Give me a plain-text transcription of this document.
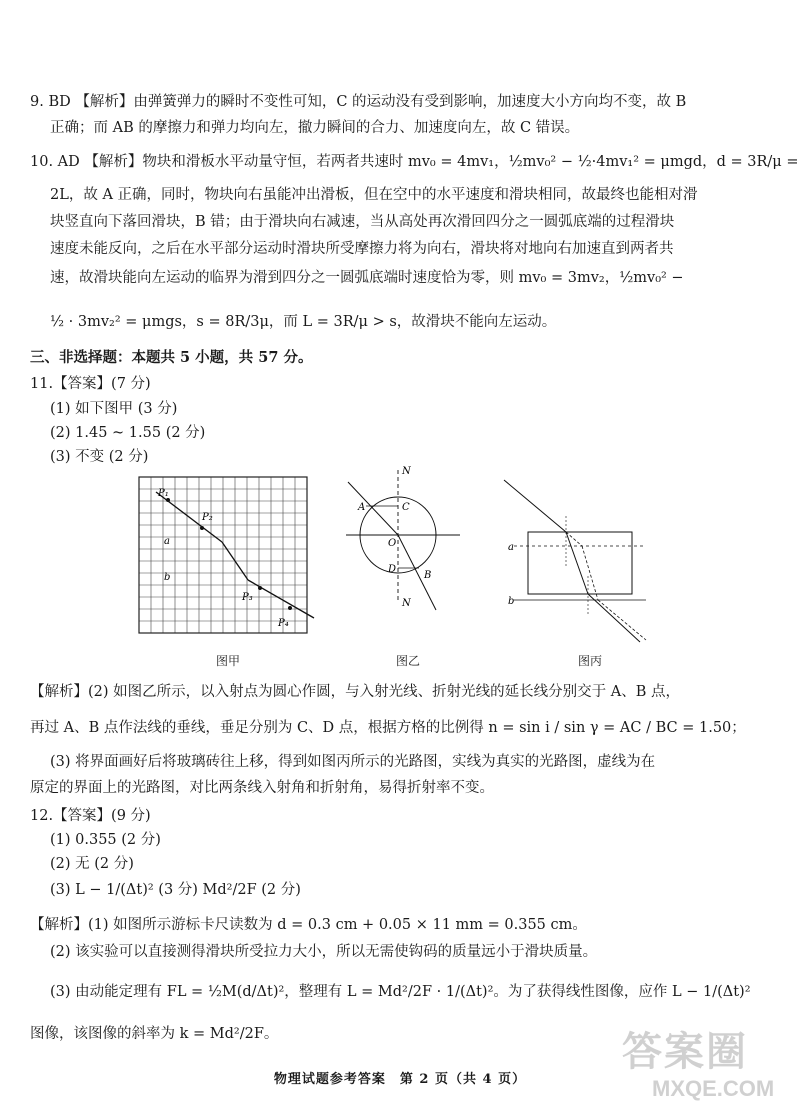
9. BD 【解析】由弹簧弹力的瞬时不变性可知，C 的运动没有受到影响，加速度大小方向均不变，故 B
正确；而 AB 的摩擦力和弹力均向左，撤力瞬间的合力、加速度向左，故 C 错误。
10. AD 【解析】物块和滑板水平动量守恒，若两者共速时 mv₀ = 4mv₁，½mv₀² − ½·4mv₁² = μmgd，d = 3R/μ =
2L，故 A 正确，同时，物块向右虽能冲出滑板，但在空中的水平速度和滑块相同，故最终也能相对滑
块竖直向下落回滑块，B 错；由于滑块向右减速，当从高处再次滑回四分之一圆弧底端的过程滑块
速度未能反向，之后在水平部分运动时滑块所受摩擦力将为向右，滑块将对地向右加速直到两者共
速，故滑块能向左运动的临界为滑到四分之一圆弧底端时速度恰为零，则 mv₀ = 3mv₂，½mv₀² −
½ · 3mv₂² = μmgs，s = 8R/3μ，而 L = 3R/μ > s，故滑块不能向左运动。
三、非选择题：本题共 5 小题，共 57 分。
11.【答案】(7 分)
(1) 如下图甲 (3 分)
(2) 1.45 ~ 1.55 (2 分)
(3) 不变 (2 分)
P₁
P₂
a
b
P₃
P₄
图甲
N
A	C
O
D
B
N
图乙
a
b
图丙
【解析】(2) 如图乙所示，以入射点为圆心作圆，与入射光线、折射光线的延长线分别交于 A、B 点，
再过 A、B 点作法线的垂线，垂足分别为 C、D 点，根据方格的比例得 n = sin i / sin γ = AC / BC = 1.50；
(3) 将界面画好后将玻璃砖往上移，得到如图丙所示的光路图，实线为真实的光路图，虚线为在
原定的界面上的光路图，对比两条线入射角和折射角，易得折射率不变。
12.【答案】(9 分)
(1) 0.355 (2 分)
(2) 无 (2 分)
(3) L − 1/(Δt)² (3 分) Md²/2F (2 分)
【解析】(1) 如图所示游标卡尺读数为 d = 0.3 cm + 0.05 × 11 mm = 0.355 cm。
(2) 该实验可以直接测得滑块所受拉力大小，所以无需使钩码的质量远小于滑块质量。
(3) 由动能定理有 FL = ½M(d/Δt)²，整理有 L = Md²/2F · 1/(Δt)²。为了获得线性图像，应作 L − 1/(Δt)²
图像，该图像的斜率为 k = Md²/2F。
物理试题参考答案　第 2 页（共 4 页）
答案圈
MXQE.COM
